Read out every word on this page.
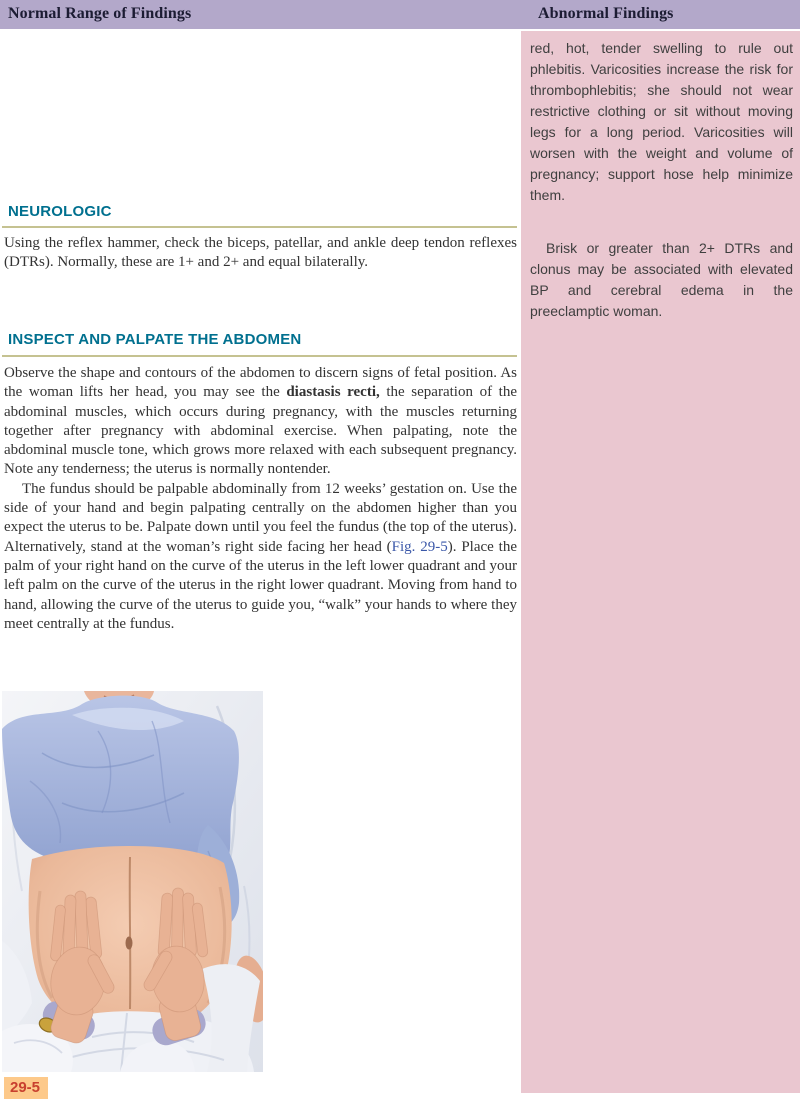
Normal Range of Findings	Abnormal Findings
red, hot, tender swelling to rule out phlebitis. Varicosities increase the risk for thrombophlebitis; she should not wear restrictive clothing or sit without moving legs for a long period. Varicosities will worsen with the weight and volume of pregnancy; support hose help minimize them.
Brisk or greater than 2+ DTRs and clonus may be associated with elevated BP and cerebral edema in the preeclamptic woman.
NEUROLOGIC
Using the reflex hammer, check the biceps, patellar, and ankle deep tendon reflexes (DTRs). Normally, these are 1+ and 2+ and equal bilaterally.
INSPECT AND PALPATE THE ABDOMEN

Observe the shape and contours of the abdomen to discern signs of fetal position. As the woman lifts her head, you may see the diastasis recti, the separation of the abdominal muscles, which occurs during pregnancy, with the muscles returning together after pregnancy with abdominal exercise. When palpating, note the abdominal muscle tone, which grows more relaxed with each subsequent pregnancy. Note any tenderness; the uterus is normally nontender.

The fundus should be palpable abdominally from 12 weeks’ gestation on. Use the side of your hand and begin palpating centrally on the abdomen higher than you expect the uterus to be. Palpate down until you feel the fundus (the top of the uterus). Alternatively, stand at the woman’s right side facing her head (Fig. 29-5). Place the palm of your right hand on the curve of the uterus in the left lower quadrant and your left palm on the curve of the uterus in the right lower quadrant. Moving from hand to hand, allowing the curve of the uterus to guide you, “walk” your hands to where they meet centrally at the fundus.

29-5
